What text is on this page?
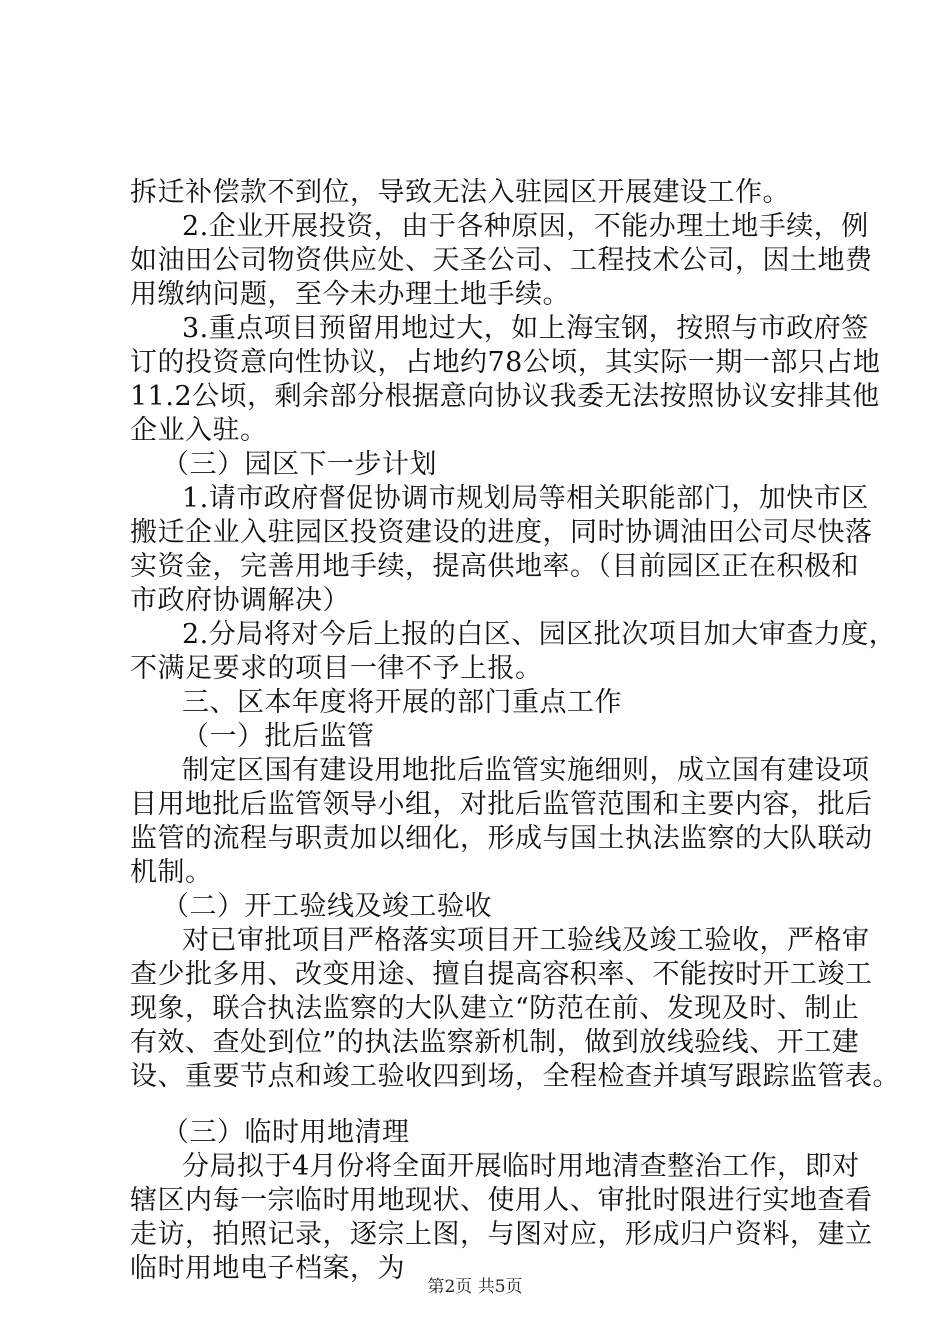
拆迁补偿款不到位，导致无法入驻园区开展建设工作。
2.企业开展投资，由于各种原因，不能办理土地手续，例
如油田公司物资供应处、天圣公司、工程技术公司，因土地费
用缴纳问题，至今未办理土地手续。
3.重点项目预留用地过大，如上海宝钢，按照与市政府签
订的投资意向性协议，占地约78公顷，其实际一期一部只占地
11.2公顷，剩余部分根据意向协议我委无法按照协议安排其他
企业入驻。
（三）园区下一步计划
1.请市政府督促协调市规划局等相关职能部门，加快市区
搬迁企业入驻园区投资建设的进度，同时协调油田公司尽快落
实资金，完善用地手续，提高供地率。（目前园区正在积极和
市政府协调解决）
2.分局将对今后上报的白区、园区批次项目加大审查力度，
不满足要求的项目一律不予上报。
三、区本年度将开展的部门重点工作
（一）批后监管
制定区国有建设用地批后监管实施细则，成立国有建设项
目用地批后监管领导小组，对批后监管范围和主要内容，批后
监管的流程与职责加以细化，形成与国土执法监察的大队联动
机制。
（二）开工验线及竣工验收
对已审批项目严格落实项目开工验线及竣工验收，严格审
查少批多用、改变用途、擅自提高容积率、不能按时开工竣工
现象，联合执法监察的大队建立“防范在前、发现及时、制止
有效、查处到位”的执法监察新机制，做到放线验线、开工建
设、重要节点和竣工验收四到场，全程检查并填写跟踪监管表。
（三）临时用地清理
分局拟于4月份将全面开展临时用地清查整治工作，即对
辖区内每一宗临时用地现状、使用人、审批时限进行实地查看
走访，拍照记录，逐宗上图，与图对应，形成归户资料，建立
临时用地电子档案，为
第2页 共5页
